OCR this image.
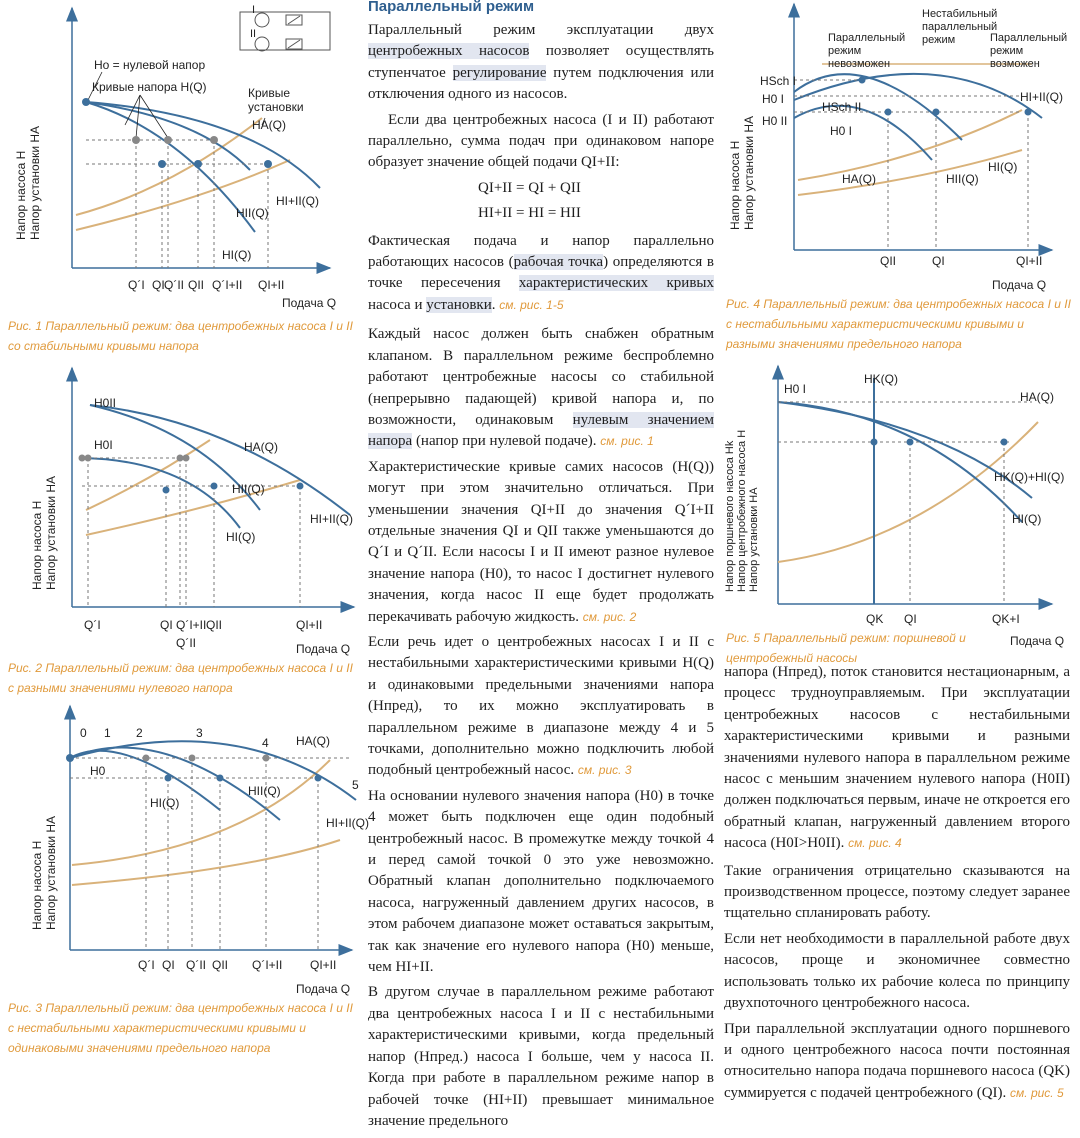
I
II
Напор насоса H
Напор установки HA
Подача Q
Hо = нулевой напор
Кривые напора H(Q)	Кривые
установки
HA(Q)
HII(Q)
HI+II(Q)
HI(Q)
Q´I QI Q´II QII Q´I+II QI+II
Рис. 1 Параллельный режим: два центробежных насоса I и II со стабильными кривыми напора
Напор насоса H
Напор установки HA
Подача Q
H0II
H0I	HA(Q)
HII(Q)
HI+II(Q)
HI(Q)
Q´I	QI Q´I+II
Q´II
QII	QI+II
Рис. 2 Параллельный режим: два центробежных насоса I и II с разными значениями нулевого напора
Напор насоса H
Напор установки HA
Подача Q
0 1 2	3
4
5
H0
HA(Q)
HI(Q)
HII(Q)
HI+II(Q)
Q´I QI Q´II QII Q´I+II QI+II
Рис. 3 Параллельный режим: два центробежных насоса I и II с нестабильными характеристическими кривыми и одинаковыми значениями предельного напора
Параллельный режим

Параллельный режим эксплуатации двух центробежных насосов позволяет осуществлять ступенчатое регулирование путем подключения или отключения одного из насосов.

Если два центробежных насоса (I и II) работают параллельно, сумма подач при одинаковом напоре образует значение общей подачи QI+II:

QI+II = QI + QII
HI+II = HI = HII

Фактическая подача и напор параллельно работающих насосов (рабочая точка) определяются в точке пересечения характеристических кривых насоса и установки. см. рис. 1-5

Каждый насос должен быть снабжен обратным клапаном. В параллельном режиме беспроблемно работают центробежные насосы со стабильной (непрерывно падающей) кривой напора и, по возможности, одинаковым нулевым значением напора (напор при нулевой подаче). см. рис. 1

Характеристические кривые самих насосов (H(Q)) могут при этом значительно отличаться. При уменьшении значения QI+II до значения Q´I+II отдельные значения QI и QII также уменьшаются до Q´I и Q´II. Если насосы I и II имеют разное нулевое значение напора (H0), то насос I достигнет нулевого значения, когда насос II еще будет продолжать перекачивать рабочую жидкость. см. рис. 2

Если речь идет о центробежных насосах I и II с нестабильными характеристическими кривыми H(Q) и одинаковыми предельными значениями напора (Hпред), то их можно эксплуатировать в параллельном режиме в диапазоне между 4 и 5 точками, дополнительно можно подключить любой подобный центробежный насос. см. рис. 3

На основании нулевого значения напора (H0) в точке 4 может быть подключен еще один подобный центробежный насос. В промежутке между точкой 4 и перед самой точкой 0 это уже невозможно. Обратный клапан дополнительно подключаемого насоса, нагруженный давлением других насосов, в этом рабочем диапазоне может оставаться закрытым, так как значение его нулевого напора (H0) меньше, чем HI+II.

В другом случае в параллельном режиме работают два центробежных насоса I и II с нестабильными характеристическими кривыми, когда предельный напор (Hпред.) насоса I больше, чем у насоса II. Когда при работе в параллельном режиме напор в рабочей точке (HI+II) превышает минимальное значение предельного

Напор насоса H
Напор установки HA
Подача Q
Параллельный
режим
невозможен
Нестабильный
параллельный
режим	Параллельный
режим
возможен
HSch I
H0 I
HSch II
H0 II
H0 I
HI+II(Q)
HA(Q)	HII(Q)
HI(Q)
QII	QI	QI+II
Рис. 4 Параллельный режим: два центробежных насоса I и II с нестабильными характеристическими кривыми и разными значениями предельного напора
Напор поршневого насоса Hk
Напор центробежного насоса H
Напор установки HA
Подача Q
H0 I
HK(Q)
HA(Q)
HK(Q)+HI(Q)
HI(Q)
QK QI	QK+I
Рис. 5 Параллельный режим: поршневой и центробежный насосы

напора (Hпред), поток становится нестационарным, а процесс трудноуправляемым. При эксплуатации центробежных насосов с нестабильными характеристическими кривыми и разными значениями нулевого напора в параллельном режиме насос с меньшим значением нулевого напора (H0II) должен подключаться первым, иначе не откроется его обратный клапан, нагруженный давлением второго насоса (H0I>H0II). см. рис. 4

Такие ограничения отрицательно сказываются на производственном процессе, поэтому следует заранее тщательно спланировать работу.

Если нет необходимости в параллельной работе двух насосов, проще и экономичнее совместно использовать только их рабочие колеса по принципу двухпоточного центробежного насоса.

При параллельной эксплуатации одного поршневого и одного центробежного насоса почти постоянная относительно напора подача поршневого насоса (QK) суммируется с подачей центробежного (QI). см. рис. 5
